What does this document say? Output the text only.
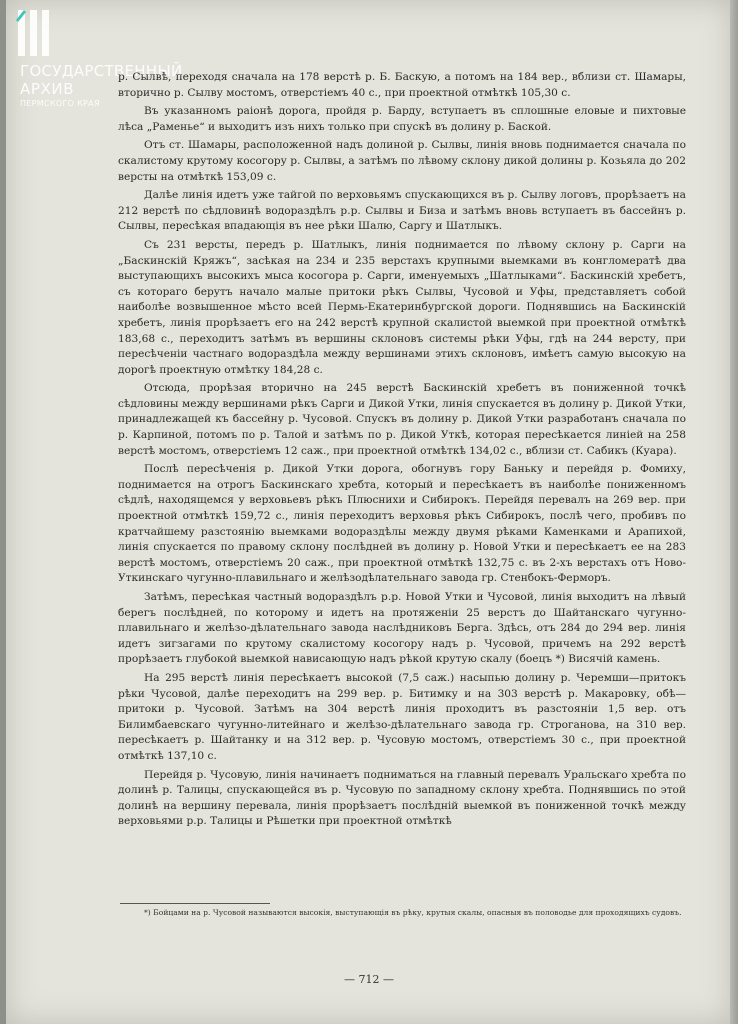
ГОСУДАРСТВЕННЫЙ
АРХИВ
ПЕРМСКОГО КРАЯ

р. Сылвѣ, переходя сначала на 178 верстѣ р. Б. Баскую, а потомъ на 184 вер., вблизи ст. Шамары, вторично р. Сылву мостомъ, отверстіемъ 40 с., при проектной отмѣткѣ 105,30 с.

Въ указанномъ раіонѣ дорога, пройдя р. Барду, вступаетъ въ сплошные еловые и пихтовые лѣса „Раменье“ и выходитъ изъ нихъ только при спускѣ въ долину р. Баской.

Отъ ст. Шамары, расположенной надъ долиной р. Сылвы, линія вновь поднимается сначала по скалистому крутому косогору р. Сылвы, а затѣмъ по лѣвому склону дикой долины р. Козьяла до 202 версты на отмѣткѣ 153,09 с.

Далѣе линія идетъ уже тайгой по верховьямъ спускающихся въ р. Сылву логовъ, прорѣзаетъ на 212 верстѣ по сѣдловинѣ водораздѣлъ р.р. Сылвы и Биза и затѣмъ вновь вступаетъ въ бассейнъ р. Сылвы, пересѣкая впадающія въ нее рѣки Шалю, Саргу и Шатлыкъ.

Съ 231 версты, передъ р. Шатлыкъ, линія поднимается по лѣвому склону р. Сарги на „Баскинскій Кряжъ“, засѣкая на 234 и 235 верстахъ крупными выемками въ конгломератѣ два выступающихъ высокихъ мыса косогора р. Сарги, именуемыхъ „Шатлыками“. Баскинскій хребетъ, съ котораго берутъ начало малые притоки рѣкъ Сылвы, Чусовой и Уфы, представляетъ собой наиболѣе возвышенное мѣсто всей Пермь-Екатеринбургской дороги. Поднявшись на Баскинскій хребетъ, линія прорѣзаетъ его на 242 верстѣ крупной скалистой выемкой при проектной отмѣткѣ 183,68 с., переходитъ затѣмъ въ вершины склоновъ системы рѣки Уфы, гдѣ на 244 версту, при пересѣченіи частнаго водораздѣла между вершинами этихъ склоновъ, имѣетъ самую высокую на дорогѣ проектную отмѣтку 184,28 с.

Отсюда, прорѣзая вторично на 245 верстѣ Баскинскій хребетъ въ пониженной точкѣ сѣдловины между вершинами рѣкъ Сарги и Дикой Утки, линія спускается въ долину р. Дикой Утки, принадлежащей къ бассейну р. Чусовой. Спускъ въ долину р. Дикой Утки разработанъ сначала по р. Карпиной, потомъ по р. Талой и затѣмъ по р. Дикой Уткѣ, которая пересѣкается линіей на 258 верстѣ мостомъ, отверстіемъ 12 саж., при проектной отмѣткѣ 134,02 с., вблизи ст. Сабикъ (Куара).

Послѣ пересѣченія р. Дикой Утки дорога, обогнувъ гору Баньку и перейдя р. Фомиху, поднимается на отрогъ Баскинскаго хребта, который и пересѣкаетъ въ наиболѣе пониженномъ сѣдлѣ, находящемся у верховьевъ рѣкъ Плюснихи и Сибирокъ. Перейдя перевалъ на 269 вер. при проектной отмѣткѣ 159,72 с., линія переходитъ верховья рѣкъ Сибирокъ, послѣ чего, пробивъ по кратчайшему разстоянію выемками водораздѣлы между двумя рѣками Каменками и Арапихой, линія спускается по правому склону послѣдней въ долину р. Новой Утки и пересѣкаетъ ее на 283 верстѣ мостомъ, отверстіемъ 20 саж., при проектной отмѣткѣ 132,75 с. въ 2-хъ верстахъ отъ Ново-Уткинскаго чугунно-плавильнаго и желѣзодѣлательнаго завода гр. Стенбокъ-Ферморъ.

Затѣмъ, пересѣкая частный водораздѣлъ р.р. Новой Утки и Чусовой, линія выходитъ на лѣвый берегъ послѣдней, по которому и идетъ на протяженіи 25 верстъ до Шайтанскаго чугунно-плавильнаго и желѣзо-дѣлательнаго завода наслѣдниковъ Берга. Здѣсь, отъ 284 до 294 вер. линія идетъ зигзагами по крутому скалистому косогору надъ р. Чусовой, причемъ на 292 верстѣ прорѣзаетъ глубокой выемкой нависающую надъ рѣкой крутую скалу (боецъ *) Висячій камень.

На 295 верстѣ линія пересѣкаетъ высокой (7,5 саж.) насыпью долину р. Черемши—притокъ рѣки Чусовой, далѣе переходитъ на 299 вер. р. Битимку и на 303 верстѣ р. Макаровку, обѣ—притоки р. Чусовой. Затѣмъ на 304 верстѣ линія проходитъ въ разстояніи 1,5 вер. отъ Билимбаевскаго чугунно-литейнаго и желѣзо-дѣлательнаго завода гр. Строганова, на 310 вер. пересѣкаетъ р. Шайтанку и на 312 вер. р. Чусовую мостомъ, отверстіемъ 30 с., при проектной отмѣткѣ 137,10 с.

Перейдя р. Чусовую, линія начинаетъ подниматься на главный перевалъ Уральскаго хребта по долинѣ р. Талицы, спускающейся въ р. Чусовую по западному склону хребта. Поднявшись по этой долинѣ на вершину перевала, линія прорѣзаетъ послѣдній выемкой въ пониженной точкѣ между верховьями р.р. Талицы и Рѣшетки при проектной отмѣткѣ

*) Бойцами на р. Чусовой называются высокія, выступающія въ рѣку, крутыя скалы, опасныя въ половодье для проходящихъ судовъ.
— 712 —
